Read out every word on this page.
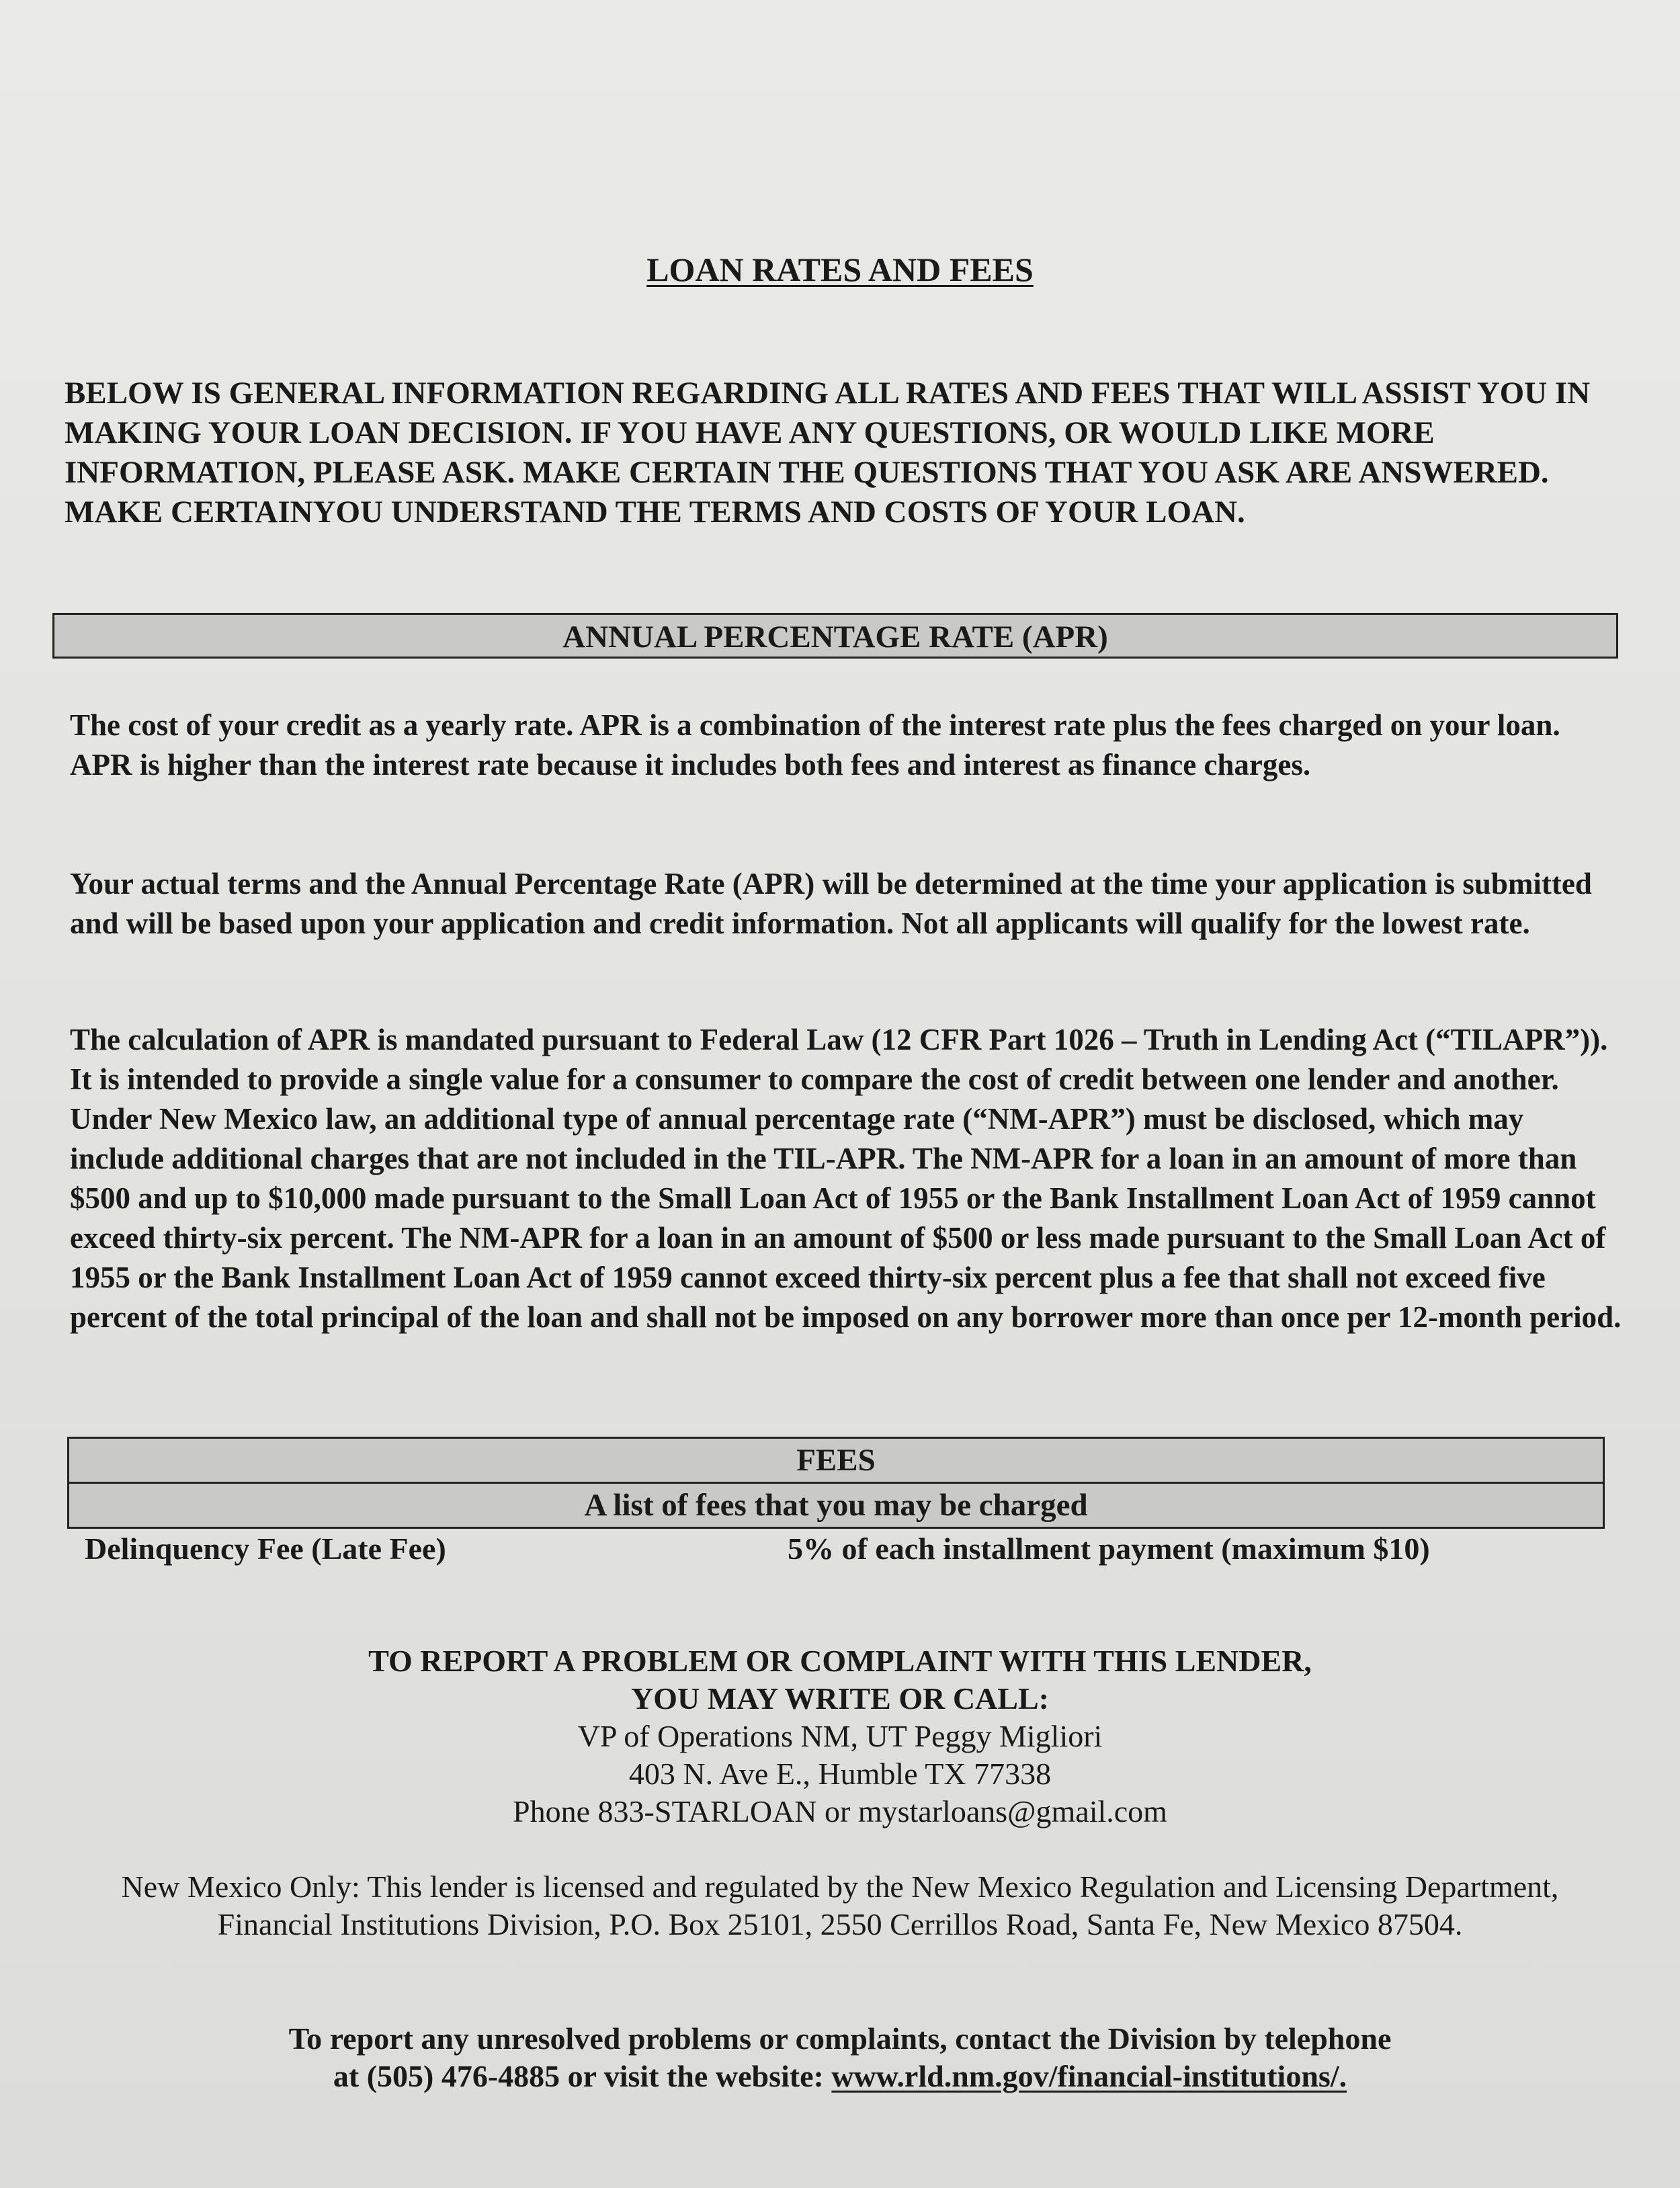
LOAN RATES AND FEES
BELOW IS GENERAL INFORMATION REGARDING ALL RATES AND FEES THAT WILL ASSIST YOU IN MAKING YOUR LOAN DECISION. IF YOU HAVE ANY QUESTIONS, OR WOULD LIKE MORE INFORMATION, PLEASE ASK. MAKE CERTAIN THE QUESTIONS THAT YOU ASK ARE ANSWERED. MAKE CERTAINYOU UNDERSTAND THE TERMS AND COSTS OF YOUR LOAN.
ANNUAL PERCENTAGE RATE (APR)
The cost of your credit as a yearly rate. APR is a combination of the interest rate plus the fees charged on your loan. APR is higher than the interest rate because it includes both fees and interest as finance charges.
Your actual terms and the Annual Percentage Rate (APR) will be determined at the time your application is submitted and will be based upon your application and credit information. Not all applicants will qualify for the lowest rate.
The calculation of APR is mandated pursuant to Federal Law (12 CFR Part 1026 – Truth in Lending Act (“TILAPR”)). It is intended to provide a single value for a consumer to compare the cost of credit between one lender and another. Under New Mexico law, an additional type of annual percentage rate (“NM-APR”) must be disclosed, which may include additional charges that are not included in the TIL-APR. The NM-APR for a loan in an amount of more than $500 and up to $10,000 made pursuant to the Small Loan Act of 1955 or the Bank Installment Loan Act of 1959 cannot exceed thirty-six percent. The NM-APR for a loan in an amount of $500 or less made pursuant to the Small Loan Act of 1955 or the Bank Installment Loan Act of 1959 cannot exceed thirty-six percent plus a fee that shall not exceed five percent of the total principal of the loan and shall not be imposed on any borrower more than once per 12-month period.
FEES
A list of fees that you may be charged
Delinquency Fee (Late Fee)	5% of each installment payment (maximum $10)
TO REPORT A PROBLEM OR COMPLAINT WITH THIS LENDER,
YOU MAY WRITE OR CALL:
VP of Operations NM, UT Peggy Migliori
403 N. Ave E., Humble TX 77338
Phone 833-STARLOAN or mystarloans@gmail.com
New Mexico Only: This lender is licensed and regulated by the New Mexico Regulation and Licensing Department, Financial Institutions Division, P.O. Box 25101, 2550 Cerrillos Road, Santa Fe, New Mexico 87504.
To report any unresolved problems or complaints, contact the Division by telephone
at (505) 476-4885 or visit the website: www.rld.nm.gov/financial-institutions/.
